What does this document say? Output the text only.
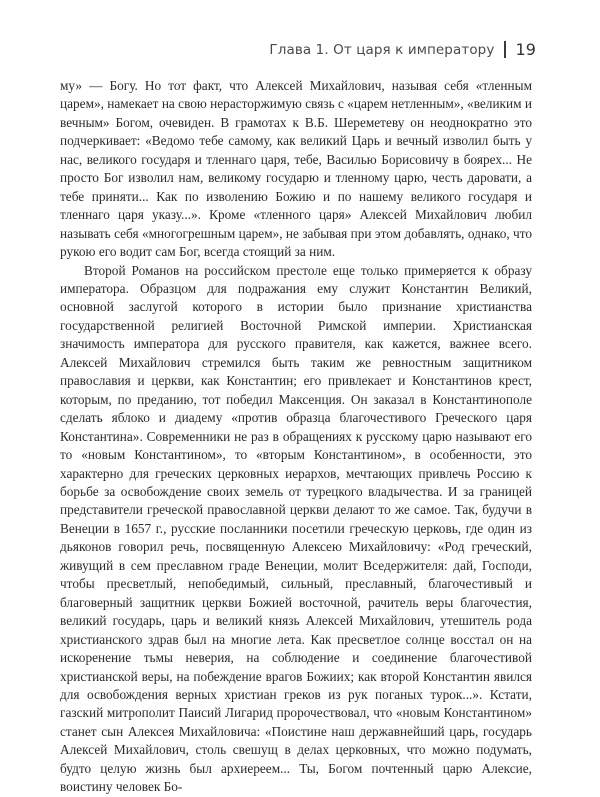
Глава 1. От царя к императору 19

му» — Богу. Но тот факт, что Алексей Михайлович, называя себя «тленным царем», намекает на свою нерасторжимую связь с «царем нетленным», «великим и вечным» Богом, очевиден. В грамотах к В.Б. Шереметеву он неоднократно это подчеркивает: «Ведомо тебе самому, как великий Царь и вечный изволил быть у нас, великого государя и тленнаго царя, тебе, Василью Борисовичу в боярех... Не просто Бог изволил нам, великому государю и тленному царю, честь даровати, а тебе приняти... Как по изволению Божию и по нашему великого государя и тленнаго царя указу...». Кроме «тленного царя» Алексей Михайлович любил называть себя «многогрешным царем», не забывая при этом добавлять, однако, что рукою его водит сам Бог, всегда стоящий за ним.

Второй Романов на российском престоле еще только примеряется к образу императора. Образцом для подражания ему служит Константин Великий, основной заслугой которого в истории было признание христианства государственной религией Восточной Римской империи. Христианская значимость императора для русского правителя, как кажется, важнее всего. Алексей Михайлович стремился быть таким же ревностным защитником православия и церкви, как Константин; его привлекает и Константинов крест, которым, по преданию, тот победил Максенция. Он заказал в Константинополе сделать яблоко и диадему «против образца благочестивого Греческого царя Константина». Современники не раз в обращениях к русскому царю называют его то «новым Константином», то «вторым Константином», в особенности, это характерно для греческих церковных иерархов, мечтающих привлечь Россию к борьбе за освобождение своих земель от турецкого владычества. И за границей представители греческой православной церкви делают то же самое. Так, будучи в Венеции в 1657 г., русские посланники посетили греческую церковь, где один из дьяконов говорил речь, посвященную Алексею Михайловичу: «Род греческий, живущий в сем преславном граде Венеции, молит Вседержителя: дай, Господи, чтобы пресветлый, непобедимый, сильный, преславный, благочестивый и благоверный защитник церкви Божией восточной, рачитель веры благочестия, великий государь, царь и великий князь Алексей Михайлович, утешитель рода христианского здрав был на многие лета. Как пресветлое солнце восстал он на искоренение тьмы неверия, на соблюдение и соединение благочестивой христианской веры, на побеждение врагов Божиих; как второй Константин явился для освобождения верных христиан греков из рук поганых турок...». Кстати, газский митрополит Паисий Лигарид пророчествовал, что «новым Константином» станет сын Алексея Михайловича: «Поистине наш державнейший царь, государь Алексей Михайлович, столь свешущ в делах церковных, что можно подумать, будто целую жизнь был архиереем... Ты, Богом почтенный царю Алексие, воистину человек Бо-
